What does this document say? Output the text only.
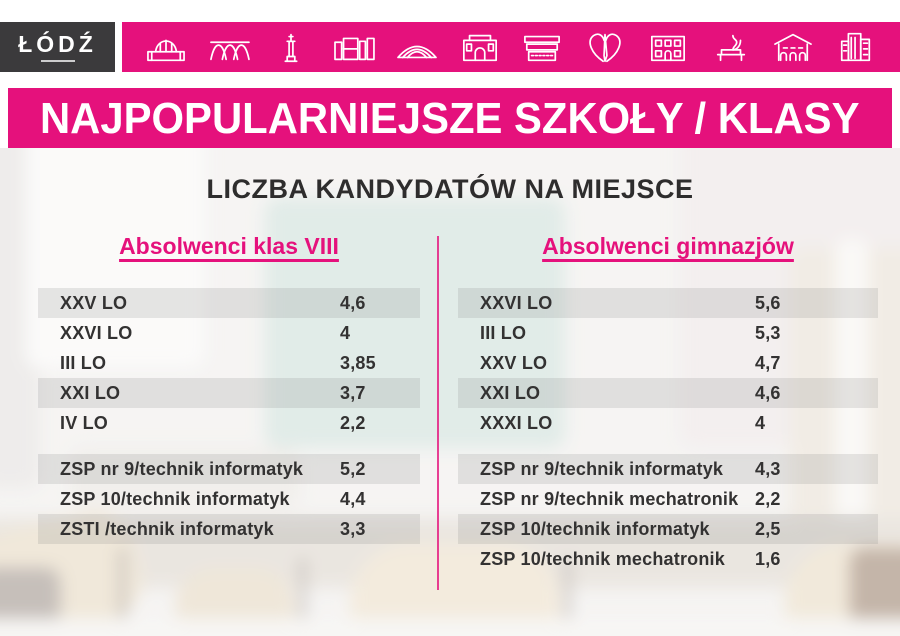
ŁÓDŹ
NAJPOPULARNIEJSZE SZKOŁY / KLASY
LICZBA KANDYDATÓW NA MIEJSCE
Absolwenci klas VIII
XXV LO	4,6
XXVI LO	4
III LO	3,85
XXI LO	3,7
IV LO	2,2
ZSP nr 9/technik informatyk	5,2
ZSP 10/technik informatyk	4,4
ZSTI /technik informatyk	3,3
Absolwenci gimnazjów
XXVI LO	5,6
III LO	5,3
XXV LO	4,7
XXI LO	4,6
XXXI LO	4
ZSP nr 9/technik informatyk	4,3
ZSP nr 9/technik mechatronik 2,2
ZSP 10/technik informatyk	2,5
ZSP 10/technik mechatronik	1,6
